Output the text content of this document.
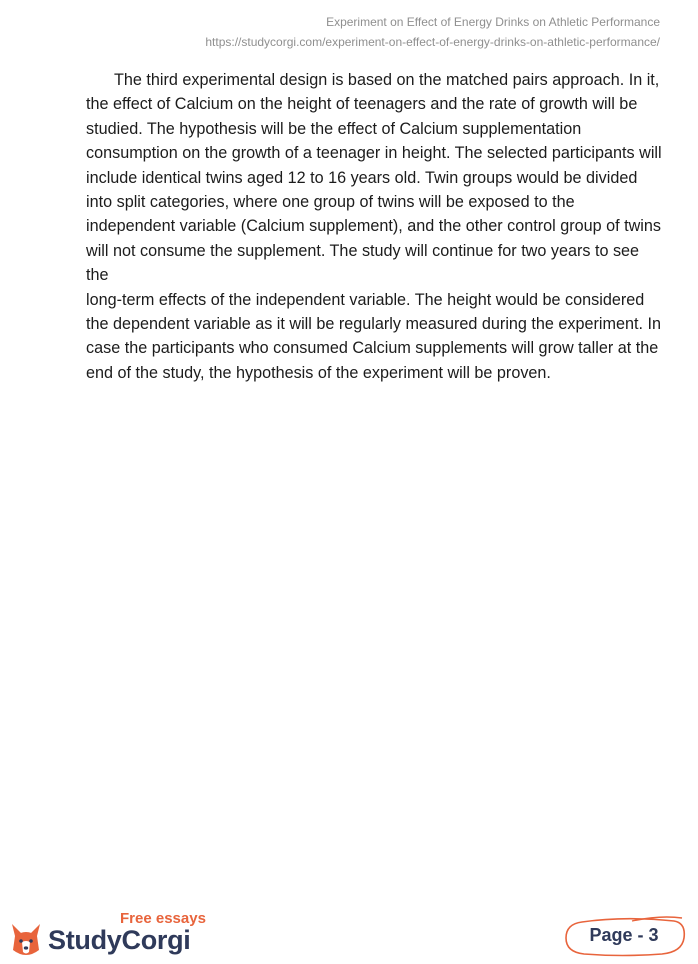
Experiment on Effect of Energy Drinks on Athletic Performance
https://studycorgi.com/experiment-on-effect-of-energy-drinks-on-athletic-performance/

The third experimental design is based on the matched pairs approach. In it,
the effect of Calcium on the height of teenagers and the rate of growth will be
studied. The hypothesis will be the effect of Calcium supplementation
consumption on the growth of a teenager in height. The selected participants will
include identical twins aged 12 to 16 years old. Twin groups would be divided
into split categories, where one group of twins will be exposed to the
independent variable (Calcium supplement), and the other control group of twins
will not consume the supplement. The study will continue for two years to see the
long-term effects of the independent variable. The height would be considered
the dependent variable as it will be regularly measured during the experiment. In
case the participants who consumed Calcium supplements will grow taller at the
end of the study, the hypothesis of the experiment will be proven.

Free essays
StudyCorgi	Page - 3
